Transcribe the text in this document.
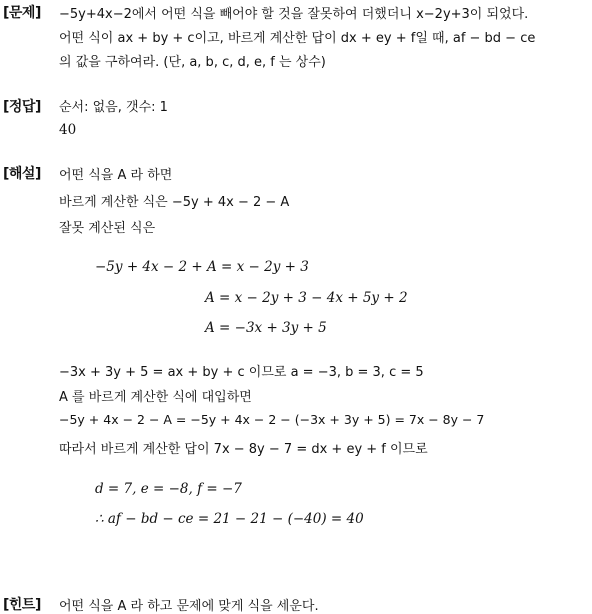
[문제] −5y+4x−2에서 어떤 식을 빼어야 할 것을 잘못하여 더했더니 x−2y+3이 되었다.
어떤 식이 ax + by + c이고, 바르게 계산한 답이 dx + ey + f일 때, af − bd − ce
의 값을 구하여라. (단, a, b, c, d, e, f 는 상수)
[정답] 순서: 없음, 갯수: 1
40
[해설] 어떤 식을 A 라 하면
바르게 계산한 식은 −5y + 4x − 2 − A
잘못 계산된 식은
−5y + 4x − 2 + A = x − 2y + 3
A = x − 2y + 3 − 4x + 5y + 2
A = −3x + 3y + 5
−3x + 3y + 5 = ax + by + c 이므로 a = −3, b = 3, c = 5
A 를 바르게 계산한 식에 대입하면
−5y + 4x − 2 − A = −5y + 4x − 2 − (−3x + 3y + 5) = 7x − 8y − 7
따라서 바르게 계산한 답이 7x − 8y − 7 = dx + ey + f 이므로
d = 7, e = −8, f = −7
∴ af − bd − ce = 21 − 21 − (−40) = 40
[힌트] 어떤 식을 A 라 하고 문제에 맞게 식을 세운다.
